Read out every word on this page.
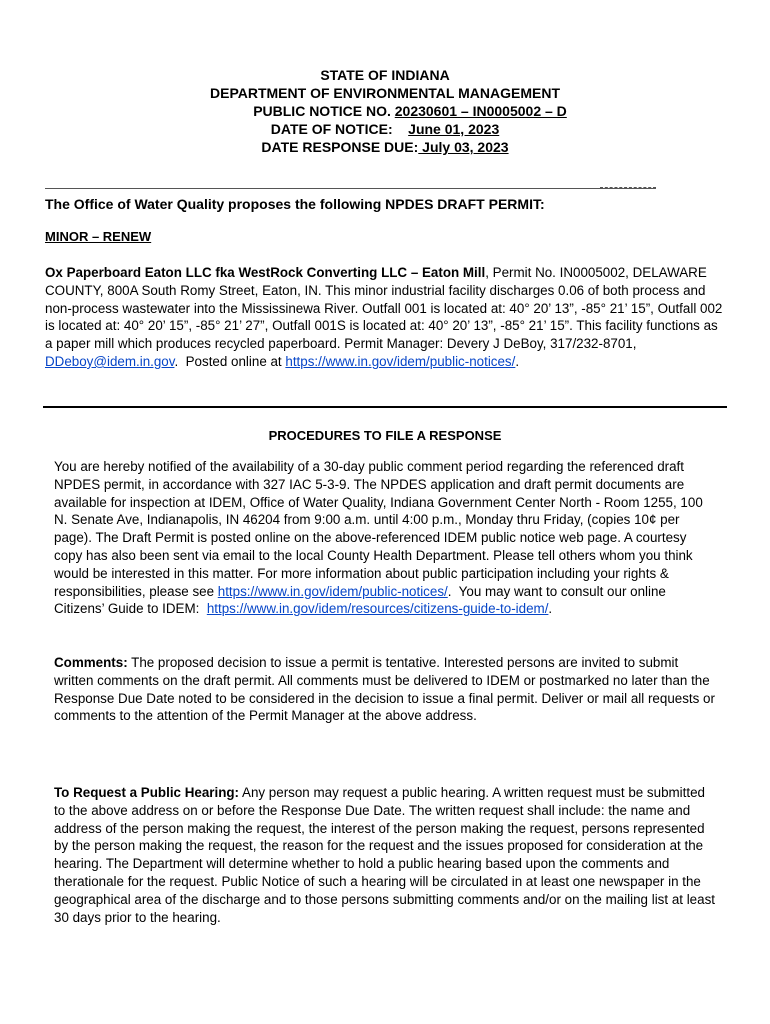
STATE OF INDIANA
DEPARTMENT OF ENVIRONMENTAL MANAGEMENT
PUBLIC NOTICE NO. 20230601 – IN0005002 – D
DATE OF NOTICE: June 01, 2023
DATE RESPONSE DUE: July 03, 2023
The Office of Water Quality proposes the following NPDES DRAFT PERMIT:
MINOR – RENEW
Ox Paperboard Eaton LLC fka WestRock Converting LLC – Eaton Mill, Permit No. IN0005002, DELAWARE COUNTY, 800A South Romy Street, Eaton, IN. This minor industrial facility discharges 0.06 of both process and non-process wastewater into the Mississinewa River. Outfall 001 is located at: 40° 20’ 13”, -85° 21’ 15”, Outfall 002 is located at: 40° 20’ 15”, -85° 21’ 27”, Outfall 001S is located at: 40° 20’ 13”, -85° 21’ 15”. This facility functions as a paper mill which produces recycled paperboard. Permit Manager: Devery J DeBoy, 317/232-8701, DDeboy@idem.in.gov.  Posted online at https://www.in.gov/idem/public-notices/.
PROCEDURES TO FILE A RESPONSE
You are hereby notified of the availability of a 30-day public comment period regarding the referenced draft NPDES permit, in accordance with 327 IAC 5-3-9. The NPDES application and draft permit documents are available for inspection at IDEM, Office of Water Quality, Indiana Government Center North - Room 1255, 100 N. Senate Ave, Indianapolis, IN 46204 from 9:00 a.m. until 4:00 p.m., Monday thru Friday, (copies 10¢ per page). The Draft Permit is posted online on the above-referenced IDEM public notice web page. A courtesy copy has also been sent via email to the local County Health Department. Please tell others whom you think would be interested in this matter. For more information about public participation including your rights & responsibilities, please see https://www.in.gov/idem/public-notices/.  You may want to consult our online Citizens’ Guide to IDEM:  https://www.in.gov/idem/resources/citizens-guide-to-idem/.
Comments: The proposed decision to issue a permit is tentative. Interested persons are invited to submit written comments on the draft permit. All comments must be delivered to IDEM or postmarked no later than the Response Due Date noted to be considered in the decision to issue a final permit. Deliver or mail all requests or comments to the attention of the Permit Manager at the above address.
To Request a Public Hearing: Any person may request a public hearing. A written request must be submitted to the above address on or before the Response Due Date. The written request shall include: the name and address of the person making the request, the interest of the person making the request, persons represented by the person making the request, the reason for the request and the issues proposed for consideration at the hearing. The Department will determine whether to hold a public hearing based upon the comments and therationale for the request. Public Notice of such a hearing will be circulated in at least one newspaper in the geographical area of the discharge and to those persons submitting comments and/or on the mailing list at least 30 days prior to the hearing.
